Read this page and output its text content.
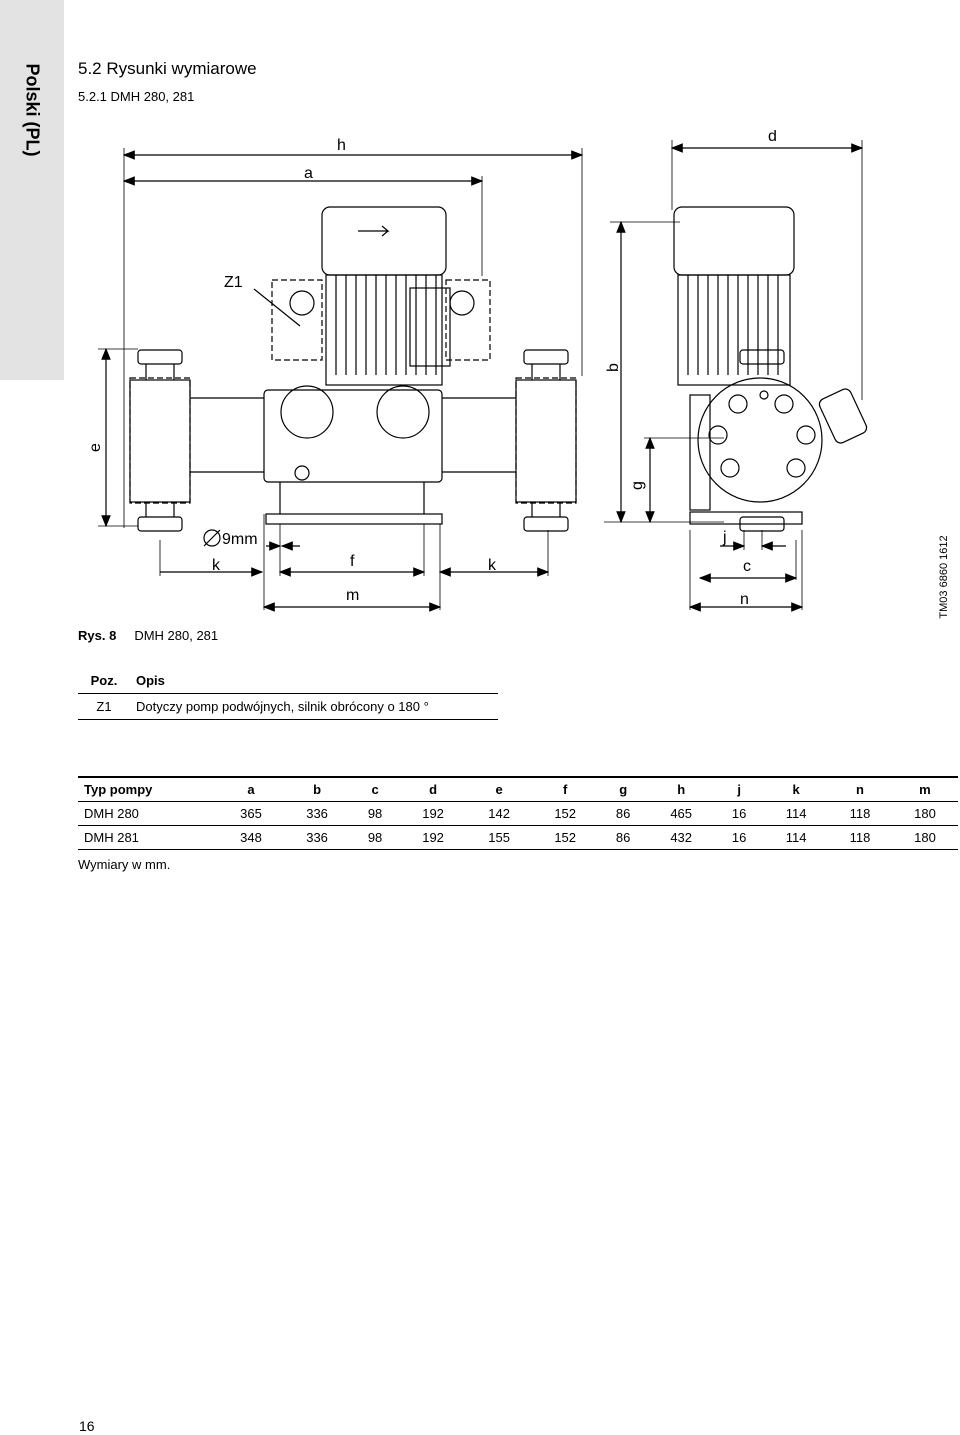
Polski (PL) 5.2 Rysunki wymiarowe
5.2.1 DMH 280, 281
h
a
d
Z1
b
e
g
9mm
k	f	k
j
c
m	n	TM03 6860 1612
Rys. 8 DMH 280, 281
Poz.	Opis
Z1	Dotyczy pomp podwójnych, silnik obrócony o 180 °
Typ pompy	a	b	c	d	e	f	g	h	j	k	n	m
DMH 280	365	336	98	192	142	152	86	465	16	114	118	180
DMH 281	348	336	98	192	155	152	86	432	16	114	118	180
Wymiary w mm.
16
